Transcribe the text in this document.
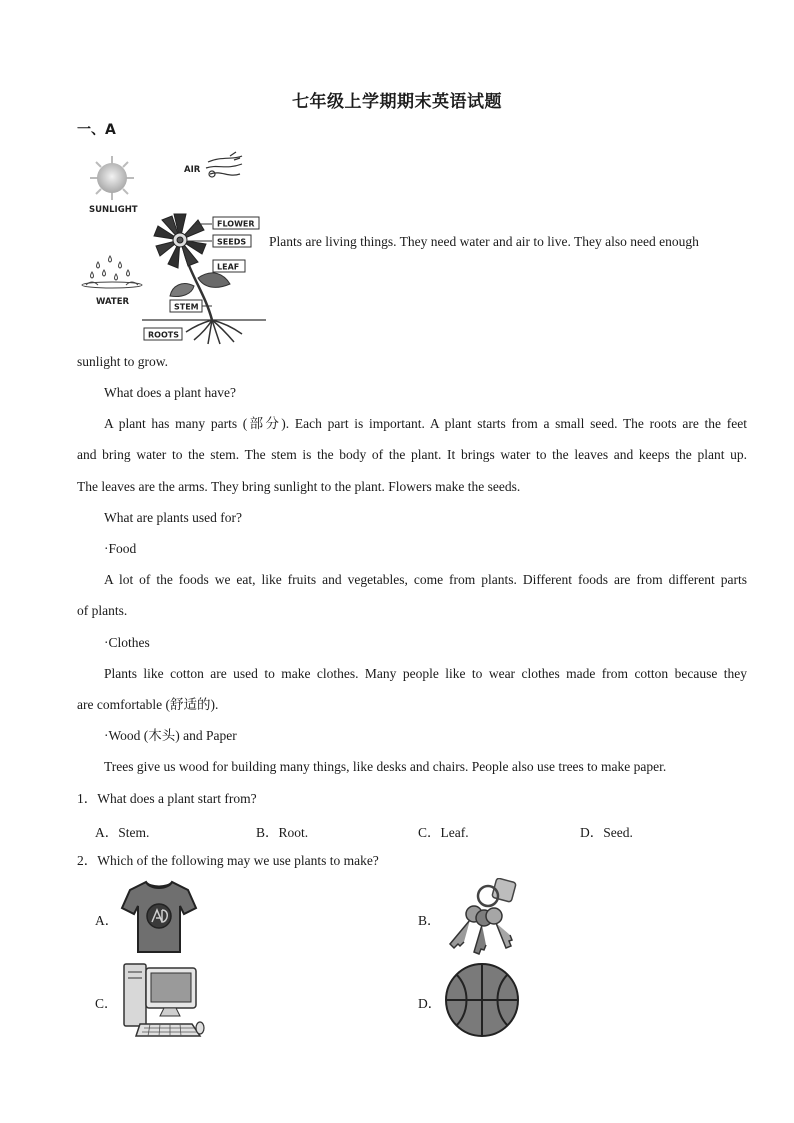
七年级上学期期末英语试题
一、A
SUNLIGHT
AIR
WATER
FLOWER
SEEDS
LEAF
STEM
ROOTS
Plants are living things. They need water and air to live. They also need enough
sunlight to grow.
What does a plant have?
A plant has many parts (部分). Each part is important. A plant starts from a small seed. The roots are the feet
and bring water to the stem. The stem is the body of the plant. It brings water to the leaves and keeps the plant up.
The leaves are the arms. They bring sunlight to the plant. Flowers make the seeds.
What are plants used for?
·Food
A lot of the foods we eat, like fruits and vegetables, come from plants. Different foods are from different parts
of plants.
·Clothes
Plants like cotton are used to make clothes. Many people like to wear clothes made from cotton because they
are comfortable (舒适的).
·Wood (木头) and Paper
Trees give us wood for building many things, like desks and chairs. People also use trees to make paper.
1．What does a plant start from?
A．Stem.	B．Root.	C．Leaf.	D．Seed.
2．Which of the following may we use plants to make?
A．	B．
C．	D．
